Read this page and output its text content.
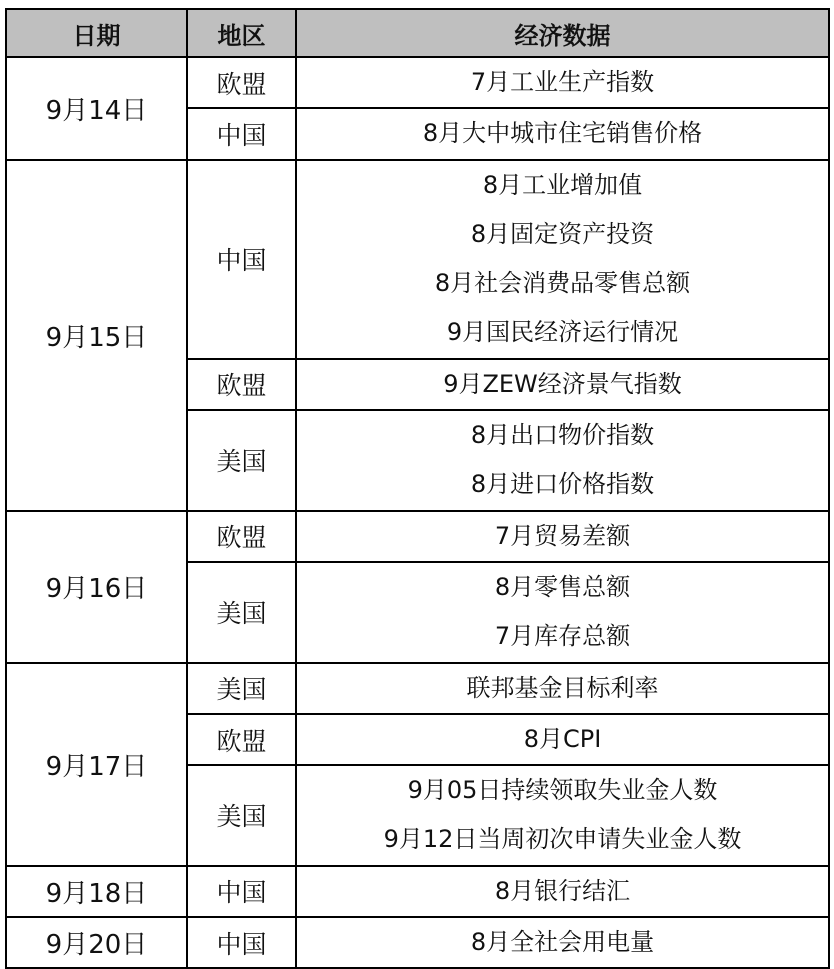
日期	地区	经济数据
9月14日	欧盟	7月工业生产指数

	中国	8月大中城市住宅销售价格

9月15日	中国	8月工业增加值
8月固定资产投资
8月社会消费品零售总额
9月国民经济运行情况

	欧盟	9月ZEW经济景气指数

	美国	8月出口物价指数
8月进口价格指数

9月16日	欧盟	7月贸易差额

	美国	8月零售总额
7月库存总额

9月17日	美国	联邦基金目标利率

	欧盟	8月CPI

	美国	9月05日持续领取失业金人数
9月12日当周初次申请失业金人数

9月18日	中国	8月银行结汇

9月20日	中国	8月全社会用电量
